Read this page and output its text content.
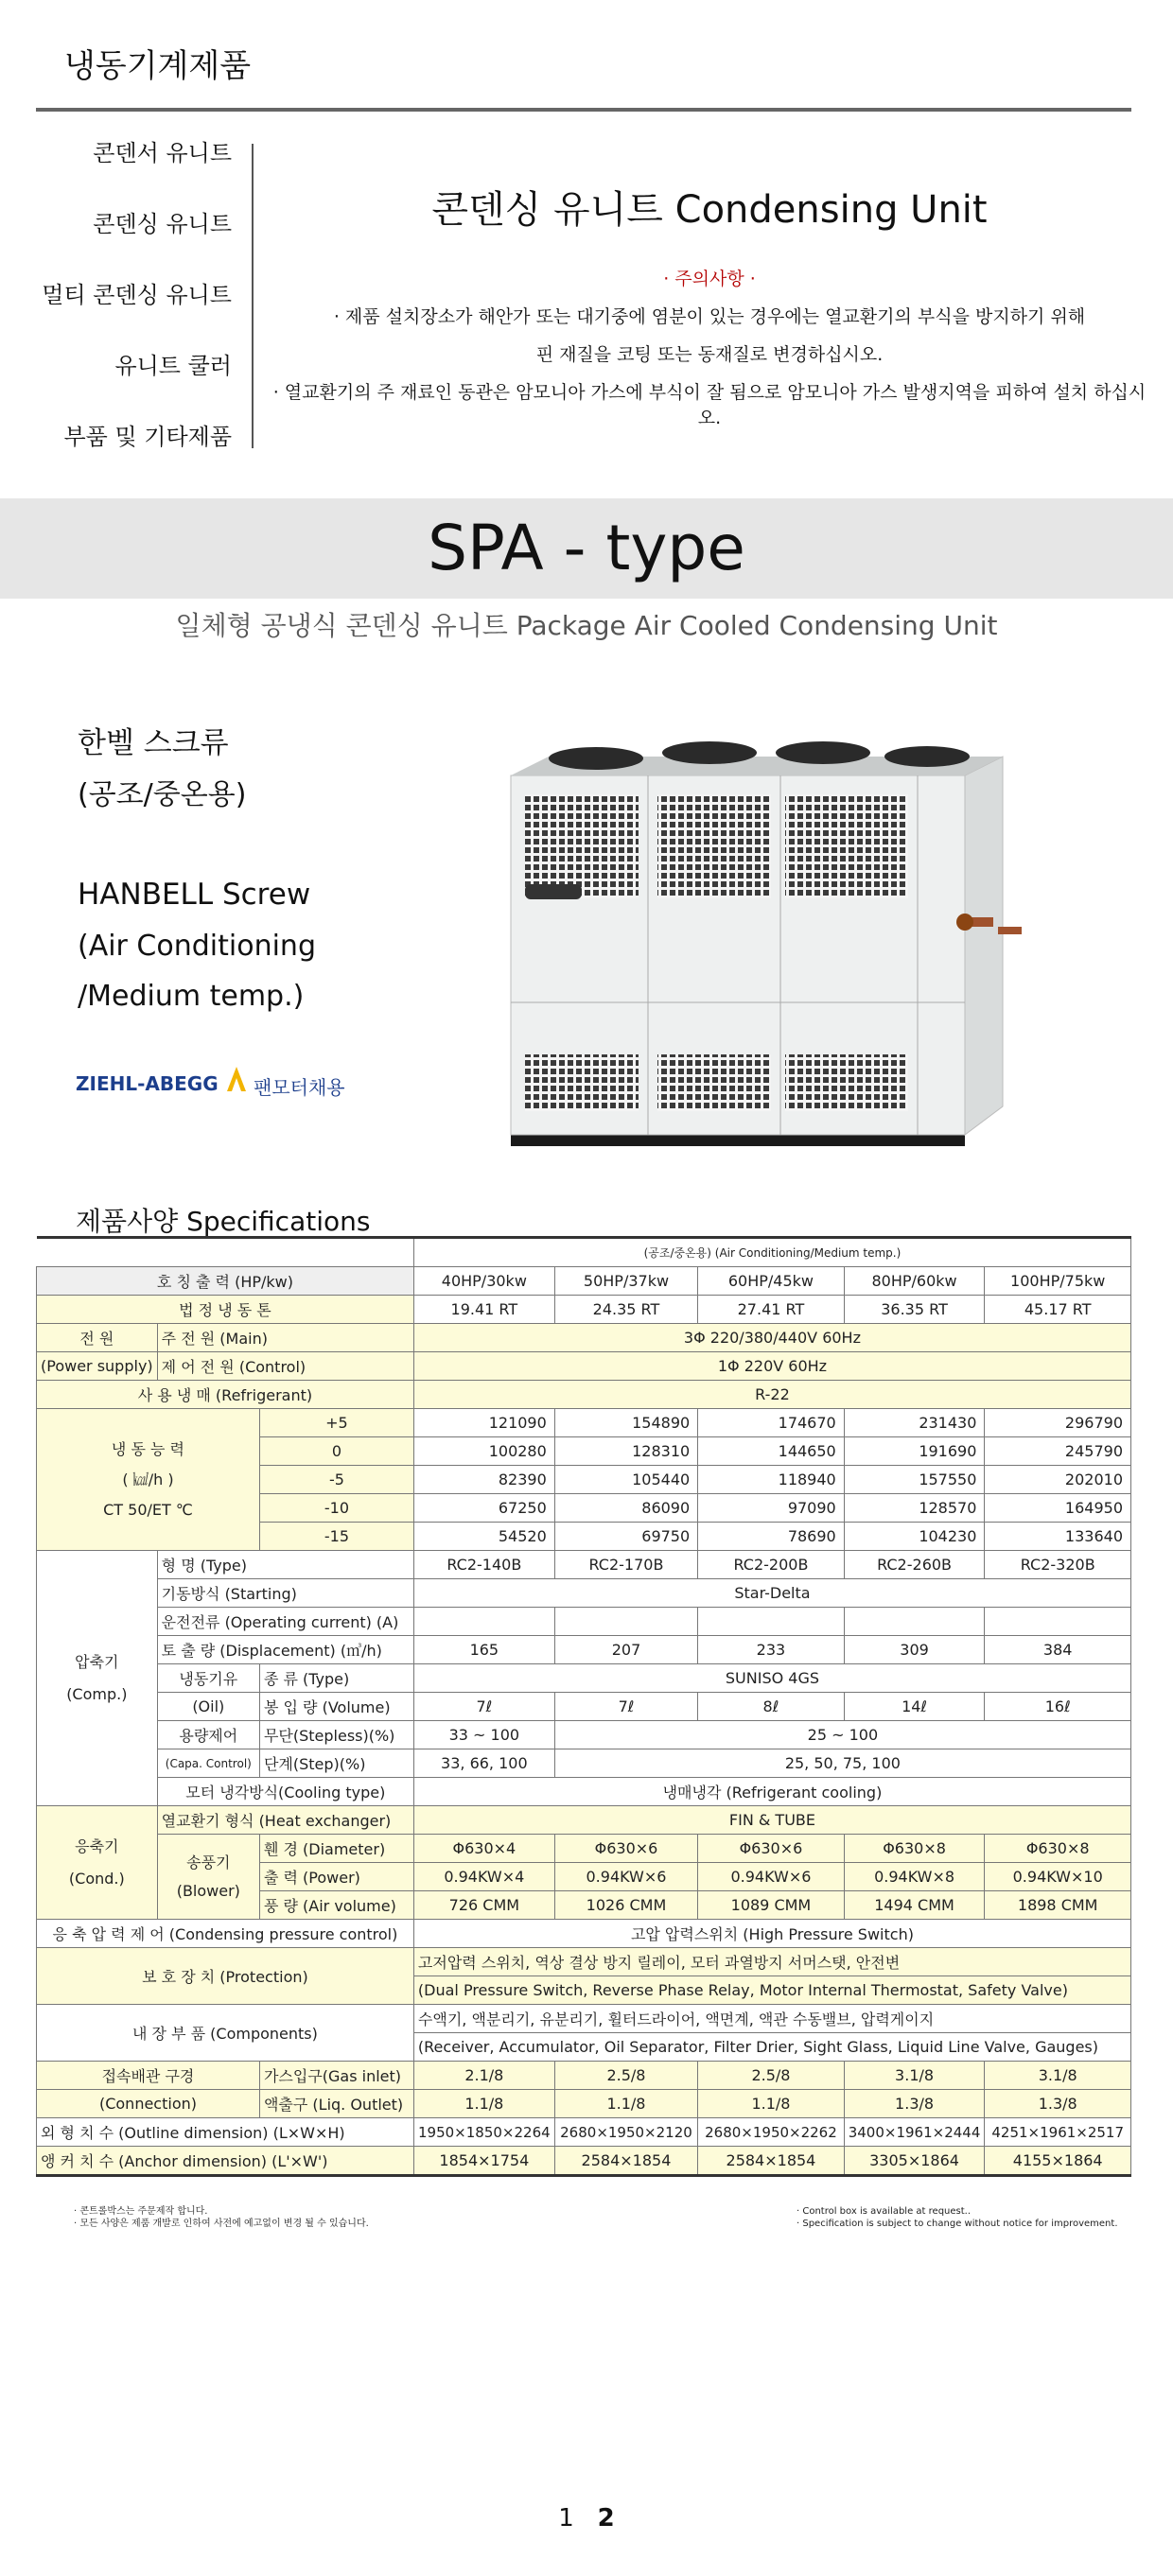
냉동기계제품
콘덴서 유니트
콘덴싱 유니트
멀티 콘덴싱 유니트
유니트 쿨러
부품 및 기타제품
콘덴싱 유니트 Condensing Unit
· 주의사항 ·
· 제품 설치장소가 해안가 또는 대기중에 염분이 있는 경우에는 열교환기의 부식을 방지하기 위해
핀 재질을 코팅 또는 동재질로 변경하십시오.
· 열교환기의 주 재료인 동관은 암모니아 가스에 부식이 잘 됨으로 암모니아 가스 발생지역을 피하여 설치 하십시오.
SPA - type
일체형 공냉식 콘덴싱 유니트 Package Air Cooled Condensing Unit
한벨 스크류
(공조/중온용)
HANBELL Screw
(Air Conditioning
/Medium temp.)
ZIEHL-ABEGG 팬모터채용
제품사양 Specifications
			(공조/중온용) (Air Conditioning/Medium temp.)				
호 칭 출 력 (HP/kw)			40HP/30kw	50HP/37kw	60HP/45kw	80HP/60kw	100HP/75kw
법 정 냉 동 톤			19.41 RT	24.35 RT	27.41 RT	36.35 RT	45.17 RT
전 원	주 전 원 (Main)		3Φ 220/380/440V 60Hz				
(Power supply)	제 어 전 원 (Control)		1Φ 220V 60Hz				
사 용 냉 매 (Refrigerant)			R-22				

냉 동 능 력
( ㎉/h )
CT 50/ET ℃		+5	121090	154890	174670	231430	296790
		0	100280	128310	144650	191690	245790
		-5	82390	105440	118940	157550	202010
		-10	67250	86090	97090	128570	164950
		-15	54520	69750	78690	104230	133640

압축기
(Comp.)	형 명 (Type)		RC2-140B	RC2-170B	RC2-200B	RC2-260B	RC2-320B
	기동방식 (Starting)		Star-Delta				
	운전전류 (Operating current) (A)						
	토 출 량 (Displacement) (㎥/h)		165	207	233	309	384
	냉동기유	종 류 (Type)	SUNISO 4GS				
	(Oil)	봉 입 량 (Volume)	7ℓ	7ℓ	8ℓ	14ℓ	16ℓ
	용량제어	무단(Stepless)(%)	33 ~ 100	25 ~ 100			
	(Capa. Control)	단계(Step)(%)	33, 66, 100	25, 50, 75, 100			
	모터 냉각방식(Cooling type)		냉매냉각 (Refrigerant cooling)				

응축기
(Cond.)	열교환기 형식 (Heat exchanger)		FIN & TUBE				

	송풍기
(Blower)	휀 경 (Diameter)	Φ630×4	Φ630×6	Φ630×6	Φ630×8	Φ630×8
		출 력 (Power)	0.94KW×4	0.94KW×6	0.94KW×6	0.94KW×8	0.94KW×10
		풍 량 (Air volume)	726 CMM	1026 CMM	1089 CMM	1494 CMM	1898 CMM
응 축 압 력 제 어 (Condensing pressure control)			고압 압력스위치 (High Pressure Switch)				
보 호 장 치 (Protection)			고저압력 스위치, 역상 결상 방지 릴레이, 모터 과열방지 서머스탯, 안전변				
			(Dual Pressure Switch, Reverse Phase Relay, Motor Internal Thermostat, Safety Valve)				
내 장 부 품 (Components)			수액기, 액분리기, 유분리기, 휠터드라이어, 액면계, 액관 수동밸브, 압력게이지				
			(Receiver, Accumulator, Oil Separator, Filter Drier, Sight Glass, Liquid Line Valve, Gauges)				
접속배관 구경		가스입구(Gas inlet)	2.1/8	2.5/8	2.5/8	3.1/8	3.1/8
(Connection)		액출구 (Liq. Outlet)	1.1/8	1.1/8	1.1/8	1.3/8	1.3/8
외 형 치 수 (Outline dimension) (L×W×H)			1950×1850×2264	2680×1950×2120	2680×1950×2262	3400×1961×2444	4251×1961×2517
앵 커 치 수 (Anchor dimension) (L'×W')			1854×1754	2584×1854	2584×1854	3305×1864	4155×1864
· 콘트롤박스는 주문제작 합니다.
· 모든 사양은 제품 개발로 인하여 사전에 예고없이 변경 될 수 있습니다.
· Control box is available at request..
· Specification is subject to change without notice for improvement.
1 2
